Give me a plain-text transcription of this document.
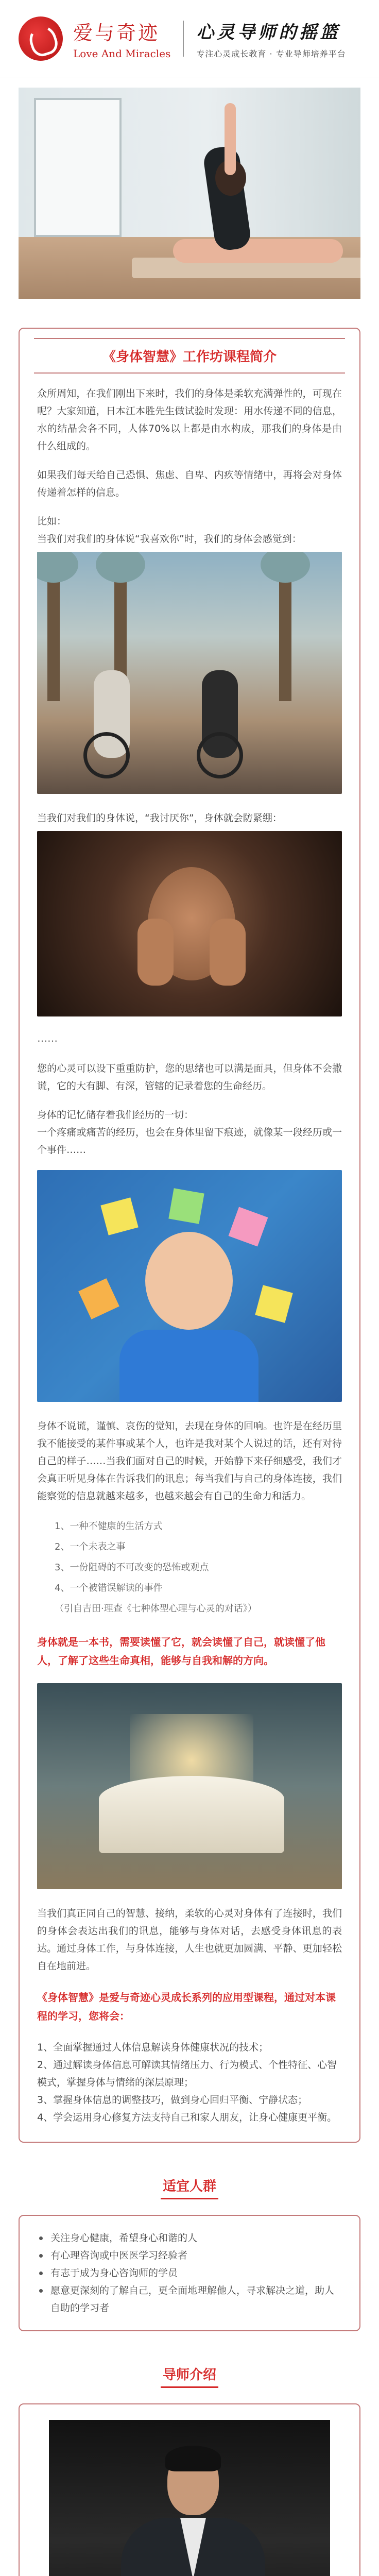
爱与奇迹
Love And Miracles
心灵导师的摇篮
专注心灵成长教育 · 专业导师培养平台
《身体智慧》工作坊课程简介

众所周知，在我们刚出下来时，我们的身体是柔软充满弹性的，可现在呢？大家知道，日本江本胜先生做试验时发现：用水传递不同的信息，水的结晶会各不同，人体70%以上都是由水构成，那我们的身体是由什么组成的。

如果我们每天给自己恐惧、焦虑、自卑、内疚等情绪中，再将会对身体传递着怎样的信息。

比如：

当我们对我们的身体说“我喜欢你”时，我们的身体会感觉到：

当我们对我们的身体说，“我讨厌你”，身体就会防紧绷：

……

您的心灵可以设下重重防护，您的思绪也可以满是面具，但身体不会撒谎，它的大有脚、有深，管辖的记录着您的生命经历。

身体的记忆储存着我们经历的一切：

一个疼痛或痛苦的经历，也会在身体里留下痕迹，就像某一段经历或一个事件……

身体不说谎，谨慎、哀伤的觉知，去现在身体的回响。也许是在经历里我不能接受的某件事或某个人，也许是我对某个人说过的话，还有对待自己的样子……当我们面对自己的时候，开始静下来仔细感受，我们才会真正听见身体在告诉我们的讯息；每当我们与自己的身体连接，我们能察觉的信息就越来越多，也越来越会有自己的生命力和活力。

1、一种不健康的生活方式

2、一个未表之事

3、一份阻碍的不可改变的恐怖或观点

4、一个被错误解读的事件

（引自吉田·理查《七种体型心理与心灵的对话》）

身体就是一本书，需要读懂了它，就会读懂了自己，就读懂了他人，了解了这些生命真相，能够与自我和解的方向。

当我们真正同自己的智慧、接纳，柔软的心灵对身体有了连接时，我们的身体会表达出我们的讯息，能够与身体对话，去感受身体讯息的表达。通过身体工作，与身体连接，人生也就更加圆满、平静、更加轻松自在地前进。

《身体智慧》是爱与奇迹心灵成长系列的应用型课程，通过对本课程的学习，您将会：

1、全面掌握通过人体信息解读身体健康状况的技术；
2、通过解读身体信息可解读其情绪压力、行为模式、个性特征、心智模式，掌握身体与情绪的深层原理；
3、掌握身体信息的调整技巧，做到身心回归平衡、宁静状态；
4、学会运用身心修复方法支持自己和家人朋友，让身心健康更平衡。
适宜人群
关注身心健康，希望身心和谐的人
有心理咨询或中医医学习经验者
有志于成为身心咨询师的学员
愿意更深刻的了解自己，更全面地理解他人，寻求解决之道，助人自助的学习者
导师介绍
